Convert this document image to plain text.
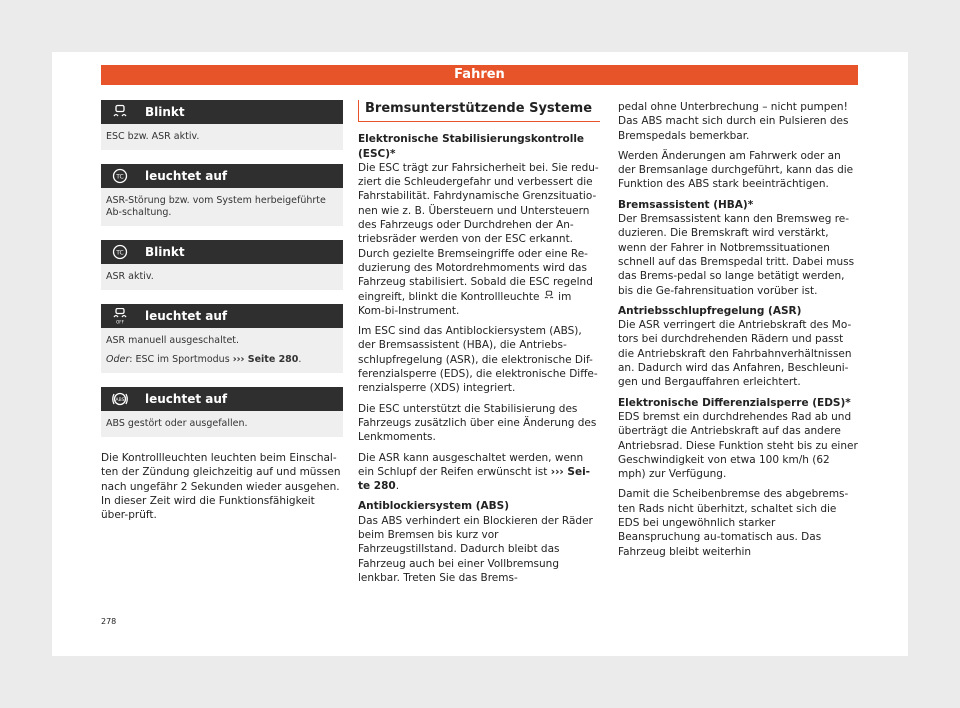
Fahren
Blinkt

ESC bzw. ASR aktiv.

TC leuchtet auf

ASR-Störung bzw. vom System herbeigeführte Ab-schaltung.

TC Blinkt

ASR aktiv.

OFF leuchtet auf

ASR manuell ausgeschaltet.

Oder: ESC im Sportmodus ››› Seite 280.

ABS leuchtet auf

ABS gestört oder ausgefallen.

Die Kontrollleuchten leuchten beim Einschal-ten der Zündung gleichzeitig auf und müssen nach ungefähr 2 Sekunden wieder ausgehen. In dieser Zeit wird die Funktionsfähigkeit über-prüft.

Bremsunterstützende Systeme

Elektronische Stabilisierungskontrolle (ESC)*

Die ESC trägt zur Fahrsicherheit bei. Sie redu-ziert die Schleudergefahr und verbessert die Fahrstabilität. Fahrdynamische Grenzsituatio-nen wie z. B. Übersteuern und Untersteuern des Fahrzeugs oder Durchdrehen der An-triebsräder werden von der ESC erkannt. Durch gezielte Bremseingriffe oder eine Re-duzierung des Motordrehmoments wird das Fahrzeug stabilisiert. Sobald die ESC regelnd eingreift, blinkt die Kontrollleuchte im Kom-bi-Instrument.

Im ESC sind das Antiblockiersystem (ABS), der Bremsassistent (HBA), die Antriebs-schlupfregelung (ASR), die elektronische Dif-ferenzialsperre (EDS), die elektronische Diffe-renzialsperre (XDS) integriert.

Die ESC unterstützt die Stabilisierung des Fahrzeugs zusätzlich über eine Änderung des Lenkmoments.

Die ASR kann ausgeschaltet werden, wenn ein Schlupf der Reifen erwünscht ist ››› Sei-te 280.

Antiblockiersystem (ABS)

Das ABS verhindert ein Blockieren der Räder beim Bremsen bis kurz vor Fahrzeugstillstand. Dadurch bleibt das Fahrzeug auch bei einer Vollbremsung lenkbar. Treten Sie das Brems-

pedal ohne Unterbrechung – nicht pumpen! Das ABS macht sich durch ein Pulsieren des Bremspedals bemerkbar.

Werden Änderungen am Fahrwerk oder an der Bremsanlage durchgeführt, kann das die Funktion des ABS stark beeinträchtigen.

Bremsassistent (HBA)*

Der Bremsassistent kann den Bremsweg re-duzieren. Die Bremskraft wird verstärkt, wenn der Fahrer in Notbremssituationen schnell auf das Bremspedal tritt. Dabei muss das Brems-pedal so lange betätigt werden, bis die Ge-fahrensituation vorüber ist.

Antriebsschlupfregelung (ASR)

Die ASR verringert die Antriebskraft des Mo-tors bei durchdrehenden Rädern und passt die Antriebskraft den Fahrbahnverhältnissen an. Dadurch wird das Anfahren, Beschleuni-gen und Bergauffahren erleichtert.

Elektronische Differenzialsperre (EDS)*

EDS bremst ein durchdrehendes Rad ab und überträgt die Antriebskraft auf das andere Antriebsrad. Diese Funktion steht bis zu einer Geschwindigkeit von etwa 100 km/h (62 mph) zur Verfügung.

Damit die Scheibenbremse des abgebrems-ten Rads nicht überhitzt, schaltet sich die EDS bei ungewöhnlich starker Beanspruchung au-tomatisch aus. Das Fahrzeug bleibt weiterhin

278
